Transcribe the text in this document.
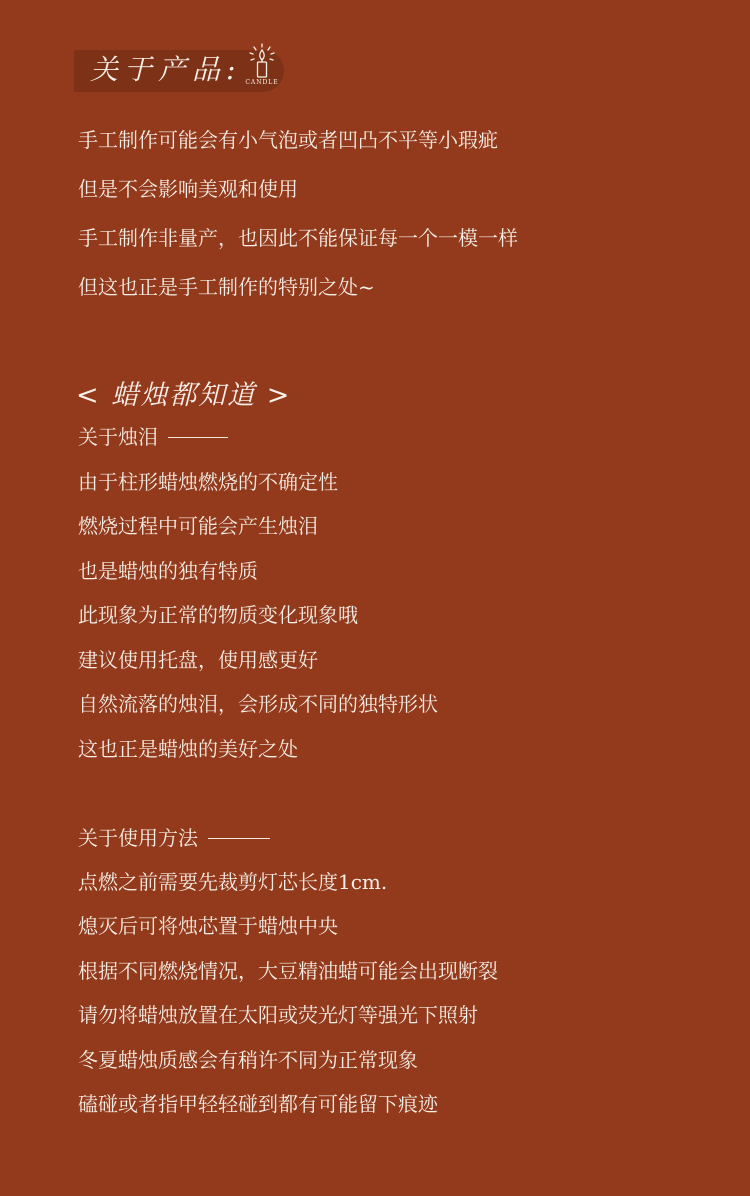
关于产品: CANDLE
手工制作可能会有小气泡或者凹凸不平等小瑕疵
但是不会影响美观和使用
手工制作非量产，也因此不能保证每一个一模一样
但这也正是手工制作的特别之处~
< 蜡烛都知道 >
关于烛泪
由于柱形蜡烛燃烧的不确定性
燃烧过程中可能会产生烛泪
也是蜡烛的独有特质
此现象为正常的物质变化现象哦
建议使用托盘，使用感更好
自然流落的烛泪，会形成不同的独特形状
这也正是蜡烛的美好之处
关于使用方法
点燃之前需要先裁剪灯芯长度1cm.
熄灭后可将烛芯置于蜡烛中央
根据不同燃烧情况，大豆精油蜡可能会出现断裂
请勿将蜡烛放置在太阳或荧光灯等强光下照射
冬夏蜡烛质感会有稍许不同为正常现象
磕碰或者指甲轻轻碰到都有可能留下痕迹
